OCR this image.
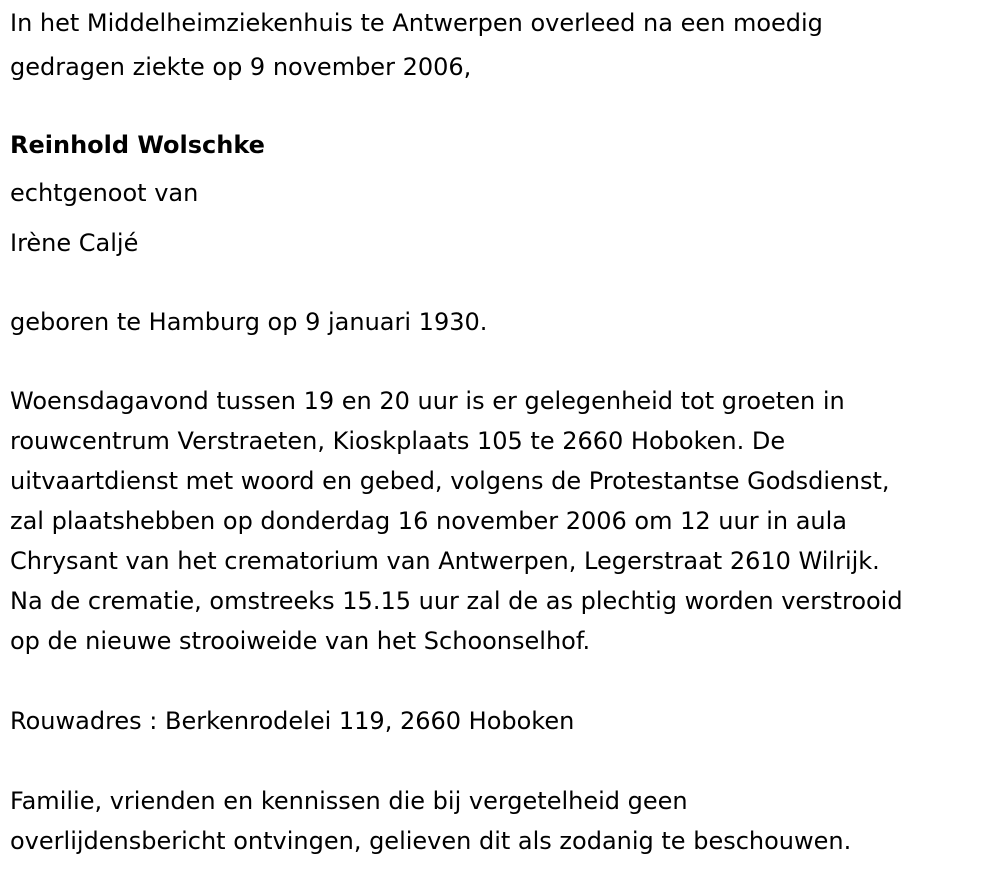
In het Middelheimziekenhuis te Antwerpen overleed na een moedig
gedragen ziekte op 9 november 2006,
Reinhold Wolschke
echtgenoot van
Irène Caljé
geboren te Hamburg op 9 januari 1930.
Woensdagavond tussen 19 en 20 uur is er gelegenheid tot groeten in
rouwcentrum Verstraeten, Kioskplaats 105 te 2660 Hoboken. De
uitvaartdienst met woord en gebed, volgens de Protestantse Godsdienst,
zal plaatshebben op donderdag 16 november 2006 om 12 uur in aula
Chrysant van het crematorium van Antwerpen, Legerstraat 2610 Wilrijk.
Na de crematie, omstreeks 15.15 uur zal de as plechtig worden verstrooid
op de nieuwe strooiweide van het Schoonselhof.
Rouwadres : Berkenrodelei 119, 2660 Hoboken
Familie, vrienden en kennissen die bij vergetelheid geen
overlijdensbericht ontvingen, gelieven dit als zodanig te beschouwen.
